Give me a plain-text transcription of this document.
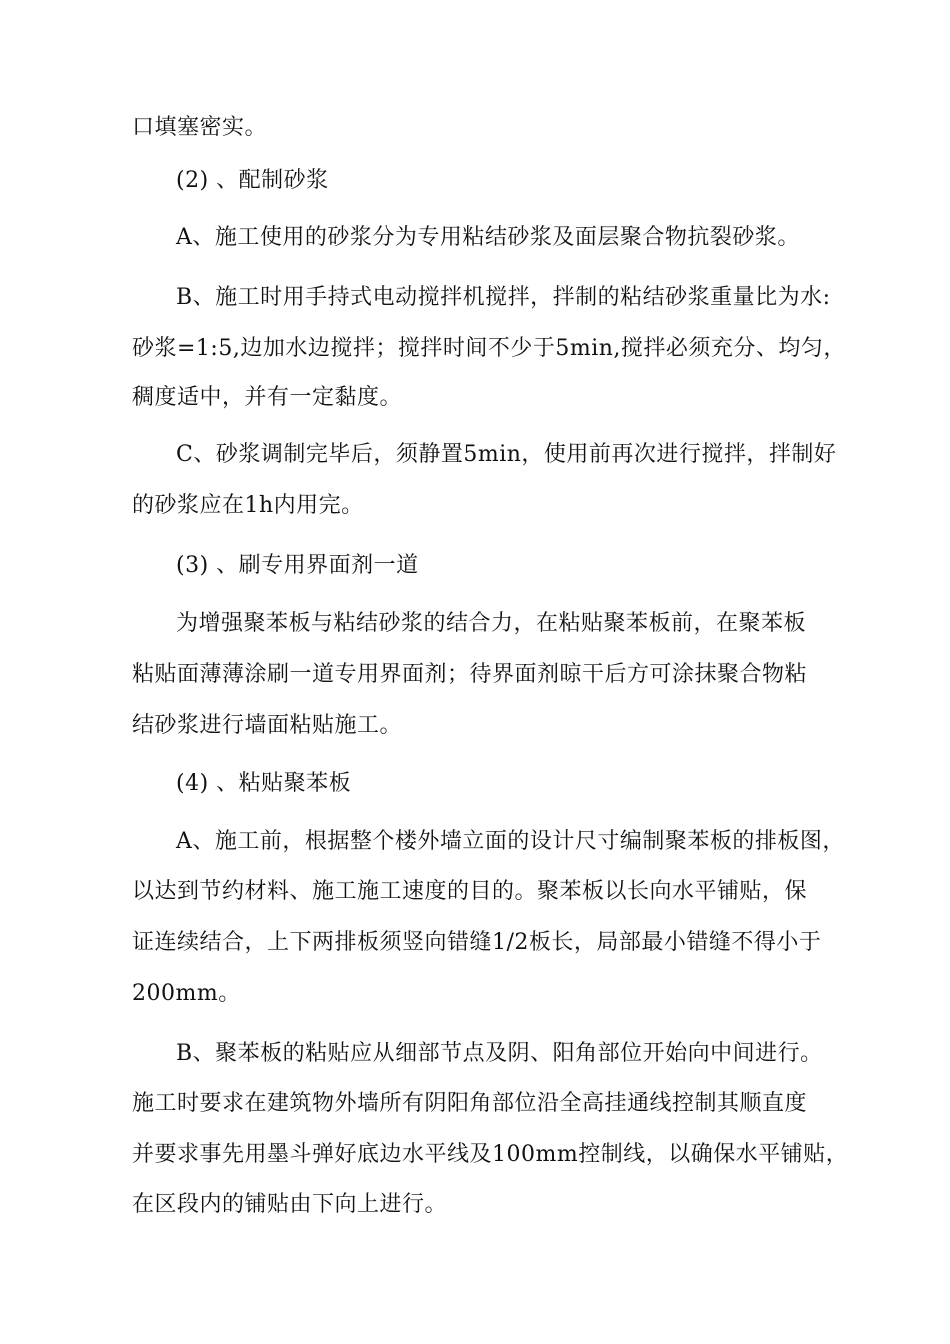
口填塞密实。
(2) 、配制砂浆
A、施工使用的砂浆分为专用粘结砂浆及面层聚合物抗裂砂浆。
B、施工时用手持式电动搅拌机搅拌，拌制的粘结砂浆重量比为水:
砂浆=1:5,边加水边搅拌；搅拌时间不少于5min,搅拌必须充分、均匀，
稠度适中，并有一定黏度。
C、砂浆调制完毕后，须静置5min，使用前再次进行搅拌，拌制好
的砂浆应在1h内用完。
(3) 、刷专用界面剂一道
为增强聚苯板与粘结砂浆的结合力，在粘贴聚苯板前，在聚苯板
粘贴面薄薄涂刷一道专用界面剂；待界面剂晾干后方可涂抹聚合物粘
结砂浆进行墙面粘贴施工。
(4) 、粘贴聚苯板
A、施工前，根据整个楼外墙立面的设计尺寸编制聚苯板的排板图，
以达到节约材料、施工施工速度的目的。聚苯板以长向水平铺贴，保
证连续结合，上下两排板须竖向错缝1/2板长，局部最小错缝不得小于
200mm。
B、聚苯板的粘贴应从细部节点及阴、阳角部位开始向中间进行。
施工时要求在建筑物外墙所有阴阳角部位沿全高挂通线控制其顺直度
并要求事先用墨斗弹好底边水平线及100mm控制线，以确保水平铺贴，
在区段内的铺贴由下向上进行。
